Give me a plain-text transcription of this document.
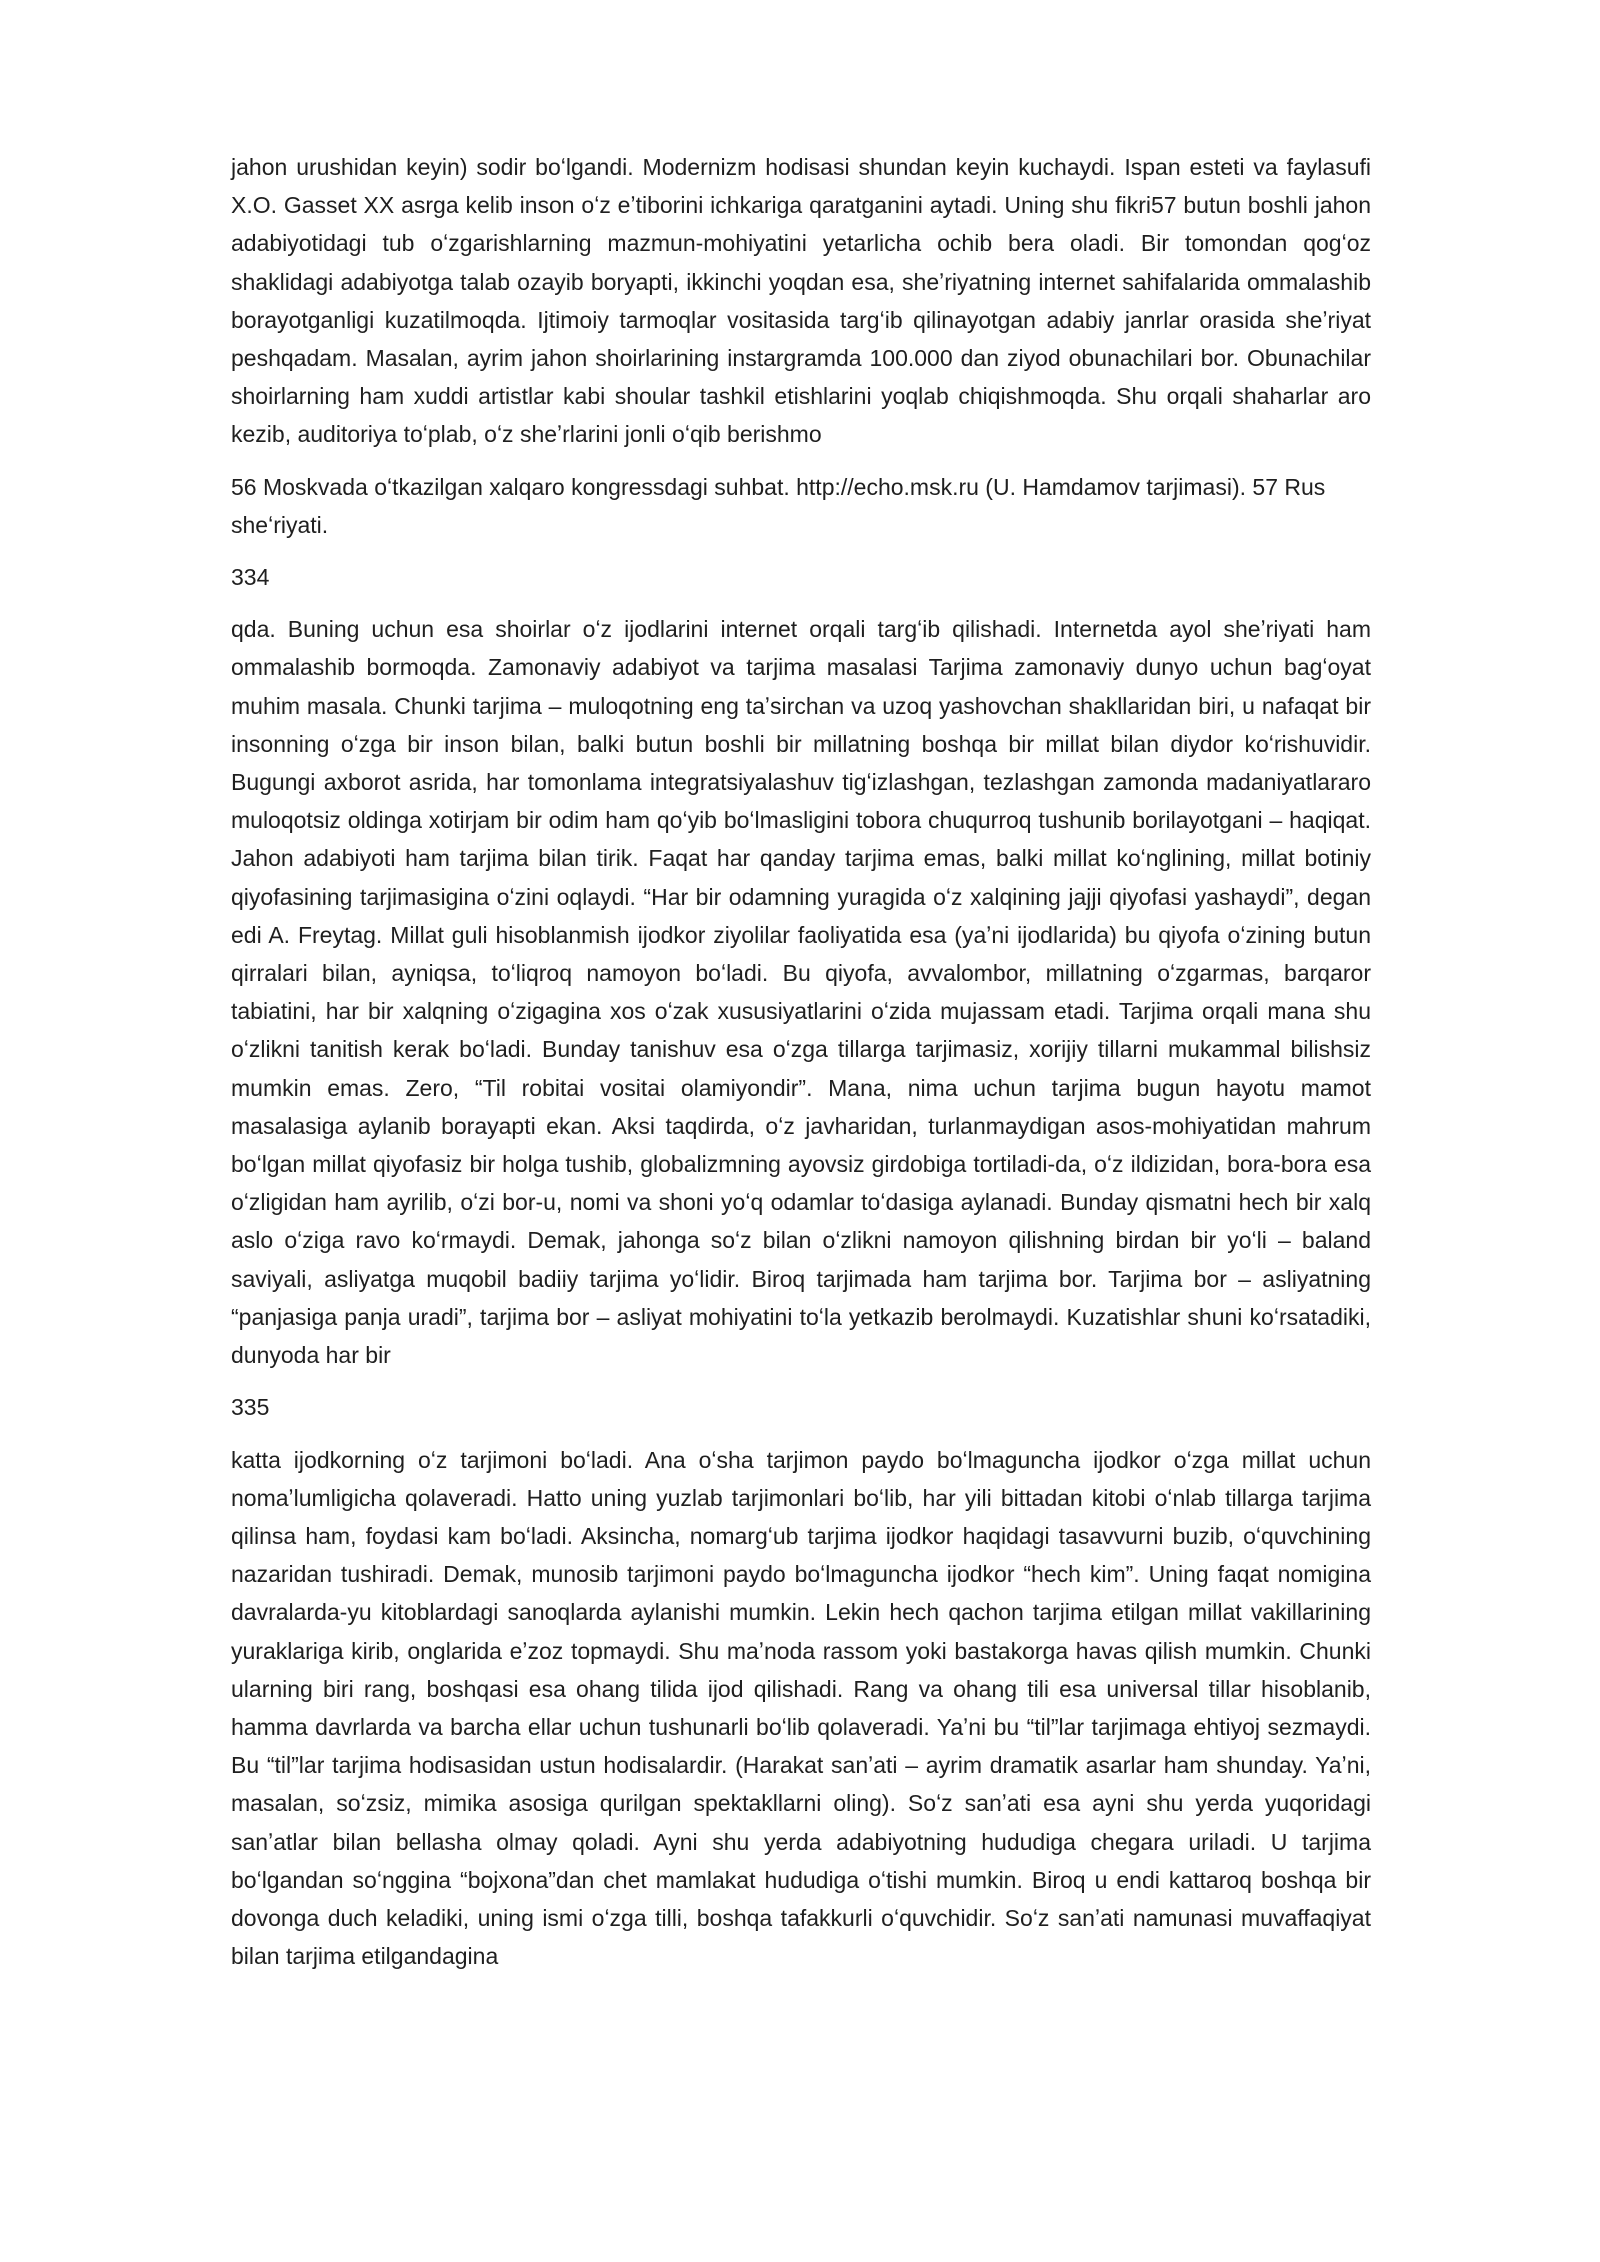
jahon urushidan keyin) sodir boʻlgandi. Modernizm hodisasi shundan keyin kuchaydi. Ispan esteti va faylasufi X.O. Gasset XX asrga kelib inson oʻz eʼtiborini ichkariga qaratganini aytadi. Uning shu fikri57 butun boshli jahon adabiyotidagi tub oʻzgarishlarning mazmun-mohiyatini yetarlicha ochib bera oladi. Bir tomondan qogʻoz shaklidagi adabiyotga talab ozayib boryapti, ikkinchi yoqdan esa, sheʼriyatning internet sahifalarida ommalashib borayotganligi kuzatilmoqda. Ijtimoiy tarmoqlar vositasida targʻib qilinayotgan adabiy janrlar orasida sheʼriyat peshqadam. Masalan, ayrim jahon shoirlarining instargramda 100.000 dan ziyod obunachilari bor. Obunachilar shoirlarning ham xuddi artistlar kabi shoular tashkil etishlarini yoqlab chiqishmoqda. Shu orqali shaharlar aro kezib, auditoriya toʻplab, oʻz sheʼrlarini jonli oʻqib berishmo

56 Moskvada oʻtkazilgan xalqaro kongressdagi suhbat. http://echo.msk.ru (U. Hamdamov tarjimasi). 57 Rus sheʻriyati.

334

qda. Buning uchun esa shoirlar oʻz ijodlarini internet orqali targʻib qilishadi. Internetda ayol sheʼriyati ham ommalashib bormoqda. Zamonaviy adabiyot va tarjima masalasi Tarjima zamonaviy dunyo uchun bagʻoyat muhim masala. Chunki tarjima – muloqotning eng taʼsirchan va uzoq yashovchan shakllaridan biri, u nafaqat bir insonning oʻzga bir inson bilan, balki butun boshli bir millatning boshqa bir millat bilan diydor koʻrishuvidir. Bugungi axborot asrida, har tomonlama integratsiyalashuv tigʻizlashgan, tezlashgan zamonda madaniyatlararo muloqotsiz oldinga xotirjam bir odim ham qoʻyib boʻlmasligini tobora chuqurroq tushunib borilayotgani – haqiqat. Jahon adabiyoti ham tarjima bilan tirik. Faqat har qanday tarjima emas, balki millat koʻnglining, millat botiniy qiyofasining tarjimasigina oʻzini oqlaydi. “Har bir odamning yuragida oʻz xalqining jajji qiyofasi yashaydi”, degan edi A. Freytag. Millat guli hisoblanmish ijodkor ziyolilar faoliyatida esa (yaʼni ijodlarida) bu qiyofa oʻzining butun qirralari bilan, ayniqsa, toʻliqroq namoyon boʻladi. Bu qiyofa, avvalombor, millatning oʻzgarmas, barqaror tabiatini, har bir xalqning oʻzigagina xos oʻzak xususiyatlarini oʻzida mujassam etadi. Tarjima orqali mana shu oʻzlikni tanitish kerak boʻladi. Bunday tanishuv esa oʻzga tillarga tarjimasiz, xorijiy tillarni mukammal bilishsiz mumkin emas. Zero, “Til robitai vositai olamiyondir”. Mana, nima uchun tarjima bugun hayotu mamot masalasiga aylanib borayapti ekan. Aksi taqdirda, oʻz javharidan, turlanmaydigan asos-mohiyatidan mahrum boʻlgan millat qiyofasiz bir holga tushib, globalizmning ayovsiz girdobiga tortiladi-da, oʻz ildizidan, bora-bora esa oʻzligidan ham ayrilib, oʻzi bor-u, nomi va shoni yoʻq odamlar toʻdasiga aylanadi. Bunday qismatni hech bir xalq aslo oʻziga ravo koʻrmaydi. Demak, jahonga soʻz bilan oʻzlikni namoyon qilishning birdan bir yoʻli – baland saviyali, asliyatga muqobil badiiy tarjima yoʻlidir. Biroq tarjimada ham tarjima bor. Tarjima bor – asliyatning “panjasiga panja uradi”, tarjima bor – asliyat mohiyatini toʻla yetkazib berolmaydi. Kuzatishlar shuni koʻrsatadiki, dunyoda har bir

335

katta ijodkorning oʻz tarjimoni boʻladi. Ana oʻsha tarjimon paydo boʻlmaguncha ijodkor oʻzga millat uchun nomaʼlumligicha qolaveradi. Hatto uning yuzlab tarjimonlari boʻlib, har yili bittadan kitobi oʻnlab tillarga tarjima qilinsa ham, foydasi kam boʻladi. Aksincha, nomargʻub tarjima ijodkor haqidagi tasavvurni buzib, oʻquvchining nazaridan tushiradi. Demak, munosib tarjimoni paydo boʻlmaguncha ijodkor “hech kim”. Uning faqat nomigina davralarda-yu kitoblardagi sanoqlarda aylanishi mumkin. Lekin hech qachon tarjima etilgan millat vakillarining yuraklariga kirib, onglarida eʼzoz topmaydi. Shu maʼnoda rassom yoki bastakorga havas qilish mumkin. Chunki ularning biri rang, boshqasi esa ohang tilida ijod qilishadi. Rang va ohang tili esa universal tillar hisoblanib, hamma davrlarda va barcha ellar uchun tushunarli boʻlib qolaveradi. Yaʼni bu “til”lar tarjimaga ehtiyoj sezmaydi. Bu “til”lar tarjima hodisasidan ustun hodisalardir. (Harakat sanʼati – ayrim dramatik asarlar ham shunday. Yaʼni, masalan, soʻzsiz, mimika asosiga qurilgan spektakllarni oling). Soʻz sanʼati esa ayni shu yerda yuqoridagi sanʼatlar bilan bellasha olmay qoladi. Ayni shu yerda adabiyotning hududiga chegara uriladi. U tarjima boʻlgandan soʻnggina “bojxona”dan chet mamlakat hududiga oʻtishi mumkin. Biroq u endi kattaroq boshqa bir dovonga duch keladiki, uning ismi oʻzga tilli, boshqa tafakkurli oʻquvchidir. Soʻz sanʼati namunasi muvaffaqiyat bilan tarjima etilgandagina
